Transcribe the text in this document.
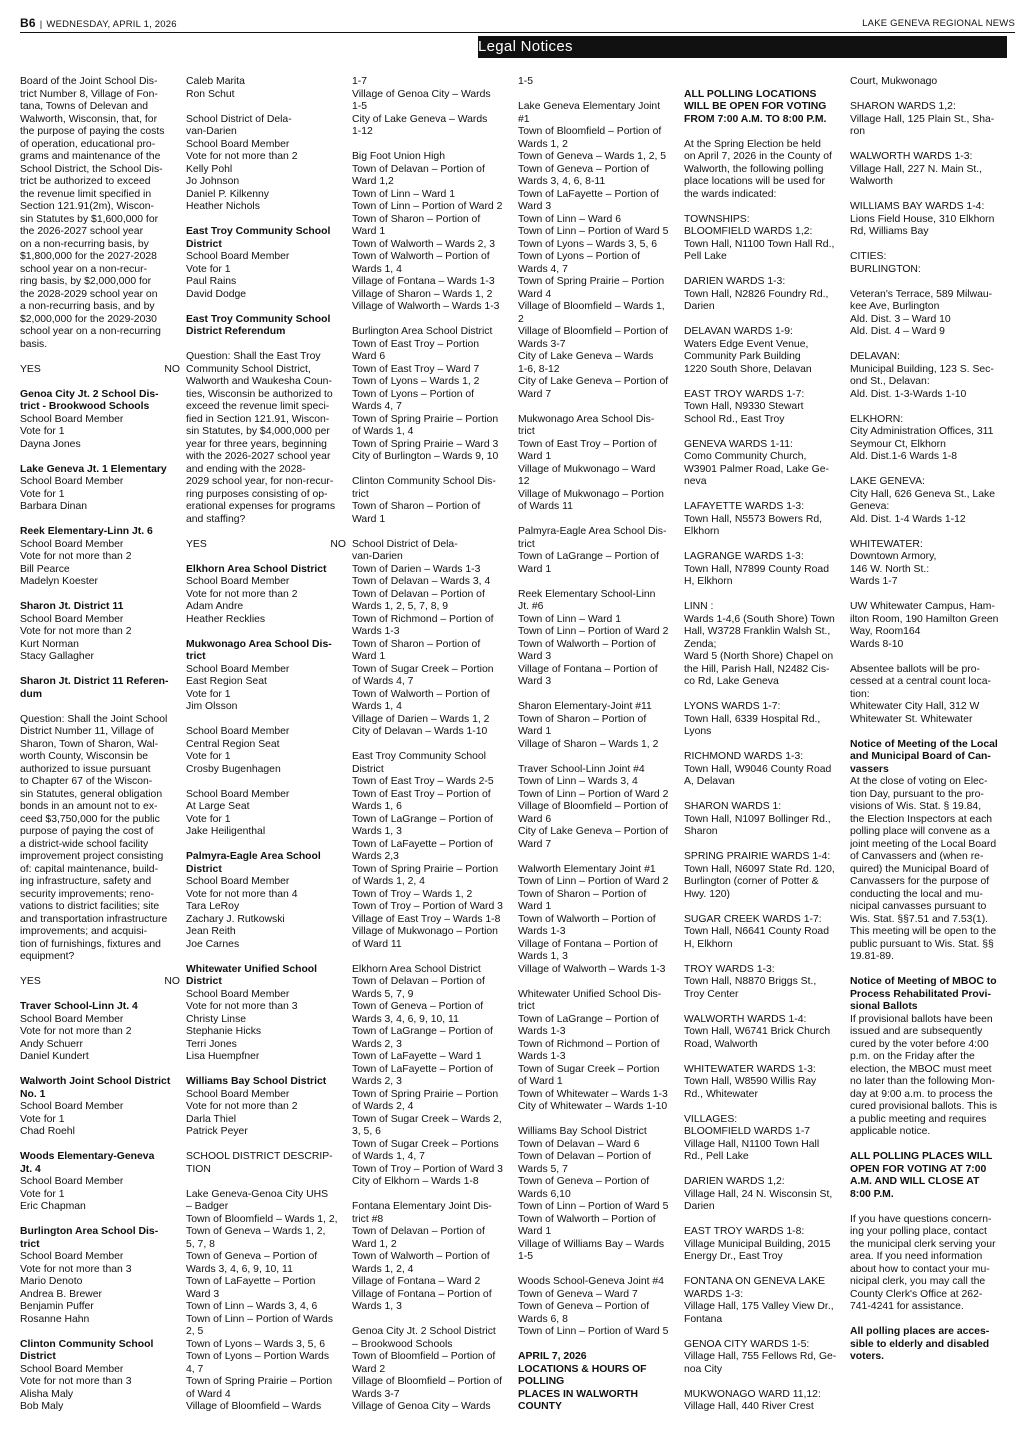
B6 | WEDNESDAY, APRIL 1, 2026	LAKE GENEVA REGIONAL NEWS
Legal Notices
Board of the Joint School Dis-
trict Number 8, Village of Fon-
tana, Towns of Delevan and
Walworth, Wisconsin, that, for
the purpose of paying the costs
of operation, educational pro-
grams and maintenance of the
School District, the School Dis-
trict be authorized to exceed
the revenue limit specified in
Section 121.91(2m), Wiscon-
sin Statutes by $1,600,000 for
the 2026-2027 school year
on a non-recurring basis, by
$1,800,000 for the 2027-2028
school year on a non-recur-
ring basis, by $2,000,000 for
the 2028-2029 school year on
a non-recurring basis, and by
$2,000,000 for the 2029-2030
school year on a non-recurring
basis.
YES	NO
Genoa City Jt. 2 School Dis-
trict - Brookwood Schools
School Board Member
Vote for 1
Dayna Jones
Lake Geneva Jt. 1 Elementary
School Board Member
Vote for 1
Barbara Dinan
Reek Elementary-Linn Jt. 6
School Board Member
Vote for not more than 2
Bill Pearce
Madelyn Koester
Sharon Jt. District 11
School Board Member
Vote for not more than 2
Kurt Norman
Stacy Gallagher
Sharon Jt. District 11 Referen-
dum
Question: Shall the Joint School
District Number 11, Village of
Sharon, Town of Sharon, Wal-
worth County, Wisconsin be
authorized to issue pursuant
to Chapter 67 of the Wiscon-
sin Statutes, general obligation
bonds in an amount not to ex-
ceed $3,750,000 for the public
purpose of paying the cost of
a district-wide school facility
improvement project consisting
of: capital maintenance, build-
ing infrastructure, safety and
security improvements; reno-
vations to district facilities; site
and transportation infrastructure
improvements; and acquisi-
tion of furnishings, fixtures and
equipment?
YES	NO
Traver School-Linn Jt. 4
School Board Member
Vote for not more than 2
Andy Schuerr
Daniel Kundert
Walworth Joint School District
No. 1
School Board Member
Vote for 1
Chad Roehl
Woods Elementary-Geneva
Jt. 4
School Board Member
Vote for 1
Eric Chapman
Burlington Area School Dis-
trict
School Board Member
Vote for not more than 3
Mario Denoto
Andrea B. Brewer
Benjamin Puffer
Rosanne Hahn
Clinton Community School
District
School Board Member
Vote for not more than 3
Alisha Maly
Bob Maly
Caleb Marita
Ron Schut
School District of Dela-
van-Darien
School Board Member
Vote for not more than 2
Kelly Pohl
Jo Johnson
Daniel P. Kilkenny
Heather Nichols
East Troy Community School
District
School Board Member
Vote for 1
Paul Rains
David Dodge
East Troy Community School
District Referendum
Question: Shall the East Troy
Community School District,
Walworth and Waukesha Coun-
ties, Wisconsin be authorized to
exceed the revenue limit speci-
fied in Section 121.91, Wiscon-
sin Statutes, by $4,000,000 per
year for three years, beginning
with the 2026-2027 school year
and ending with the 2028-
2029 school year, for non-recur-
ring purposes consisting of op-
erational expenses for programs
and staffing?
YES	NO
Elkhorn Area School District
School Board Member
Vote for not more than 2
Adam Andre
Heather Recklies
Mukwonago Area School Dis-
trict
School Board Member
East Region Seat
Vote for 1
Jim Olsson
School Board Member
Central Region Seat
Vote for 1
Crosby Bugenhagen
School Board Member
At Large Seat
Vote for 1
Jake Heiligenthal
Palmyra-Eagle Area School
District
School Board Member
Vote for not more than 4
Tara LeRoy
Zachary J. Rutkowski
Jean Reith
Joe Carnes
Whitewater Unified School
District
School Board Member
Vote for not more than 3
Christy Linse
Stephanie Hicks
Terri Jones
Lisa Huempfner
Williams Bay School District
School Board Member
Vote for not more than 2
Darla Thiel
Patrick Peyer
SCHOOL DISTRICT DESCRIP-
TION
Lake Geneva-Genoa City UHS
– Badger
Town of Bloomfield – Wards 1, 2,
Town of Geneva – Wards 1, 2,
5, 7, 8
Town of Geneva – Portion of
Wards 3, 4, 6, 9, 10, 11
Town of LaFayette – Portion
Ward 3
Town of Linn – Wards 3, 4, 6
Town of Linn – Portion of Wards
2, 5
Town of Lyons – Wards 3, 5, 6
Town of Lyons – Portion Wards
4, 7
Town of Spring Prairie – Portion
of Ward 4
Village of Bloomfield – Wards
1-7
Village of Genoa City – Wards
1-5
City of Lake Geneva – Wards
1-12
Big Foot Union High
Town of Delavan – Portion of
Ward 1,2
Town of Linn – Ward 1
Town of Linn – Portion of Ward 2
Town of Sharon – Portion of
Ward 1
Town of Walworth – Wards 2, 3
Town of Walworth – Portion of
Wards 1, 4
Village of Fontana – Wards 1-3
Village of Sharon – Wards 1, 2
Village of Walworth – Wards 1-3
Burlington Area School District
Town of East Troy – Portion
Ward 6
Town of East Troy – Ward 7
Town of Lyons – Wards 1, 2
Town of Lyons – Portion of
Wards 4, 7
Town of Spring Prairie – Portion
of Wards 1, 4
Town of Spring Prairie – Ward 3
City of Burlington – Wards 9, 10
Clinton Community School Dis-
trict
Town of Sharon – Portion of
Ward 1
School District of Dela-
van-Darien
Town of Darien – Wards 1-3
Town of Delavan – Wards 3, 4
Town of Delavan – Portion of
Wards 1, 2, 5, 7, 8, 9
Town of Richmond – Portion of
Wards 1-3
Town of Sharon – Portion of
Ward 1
Town of Sugar Creek – Portion
of Wards 4, 7
Town of Walworth – Portion of
Wards 1, 4
Village of Darien – Wards 1, 2
City of Delavan – Wards 1-10
East Troy Community School
District
Town of East Troy – Wards 2-5
Town of East Troy – Portion of
Wards 1, 6
Town of LaGrange – Portion of
Wards 1, 3
Town of LaFayette – Portion of
Wards 2,3
Town of Spring Prairie – Portion
of Wards 1, 2, 4
Town of Troy – Wards 1, 2
Town of Troy – Portion of Ward 3
Village of East Troy – Wards 1-8
Village of Mukwonago – Portion
of Ward 11
Elkhorn Area School District
Town of Delavan – Portion of
Wards 5, 7, 9
Town of Geneva – Portion of
Wards 3, 4, 6, 9, 10, 11
Town of LaGrange – Portion of
Wards 2, 3
Town of LaFayette – Ward 1
Town of LaFayette – Portion of
Wards 2, 3
Town of Spring Prairie – Portion
of Wards 2, 4
Town of Sugar Creek – Wards 2,
3, 5, 6
Town of Sugar Creek – Portions
of Wards 1, 4, 7
Town of Troy – Portion of Ward 3
City of Elkhorn – Wards 1-8
Fontana Elementary Joint Dis-
trict #8
Town of Delavan – Portion of
Ward 1, 2
Town of Walworth – Portion of
Wards 1, 2, 4
Village of Fontana – Ward 2
Village of Fontana – Portion of
Wards 1, 3
Genoa City Jt. 2 School District
– Brookwood Schools
Town of Bloomfield – Portion of
Ward 2
Village of Bloomfield – Portion of
Wards 3-7
Village of Genoa City – Wards
1-5
Lake Geneva Elementary Joint
#1
Town of Bloomfield – Portion of
Wards 1, 2
Town of Geneva – Wards 1, 2, 5
Town of Geneva – Portion of
Wards 3, 4, 6, 8-11
Town of LaFayette – Portion of
Ward 3
Town of Linn – Ward 6
Town of Linn – Portion of Ward 5
Town of Lyons – Wards 3, 5, 6
Town of Lyons – Portion of
Wards 4, 7
Town of Spring Prairie – Portion
Ward 4
Village of Bloomfield – Wards 1,
2
Village of Bloomfield – Portion of
Wards 3-7
City of Lake Geneva – Wards
1-6, 8-12
City of Lake Geneva – Portion of
Ward 7
Mukwonago Area School Dis-
trict
Town of East Troy – Portion of
Ward 1
Village of Mukwonago – Ward
12
Village of Mukwonago – Portion
of Wards 11
Palmyra-Eagle Area School Dis-
trict
Town of LaGrange – Portion of
Ward 1
Reek Elementary School-Linn
Jt. #6
Town of Linn – Ward 1
Town of Linn – Portion of Ward 2
Town of Walworth – Portion of
Ward 3
Village of Fontana – Portion of
Ward 3
Sharon Elementary-Joint #11
Town of Sharon – Portion of
Ward 1
Village of Sharon – Wards 1, 2
Traver School-Linn Joint #4
Town of Linn – Wards 3, 4
Town of Linn – Portion of Ward 2
Village of Bloomfield – Portion of
Ward 6
City of Lake Geneva – Portion of
Ward 7
Walworth Elementary Joint #1
Town of Linn – Portion of Ward 2
Town of Sharon – Portion of
Ward 1
Town of Walworth – Portion of
Wards 1-3
Village of Fontana – Portion of
Wards 1, 3
Village of Walworth – Wards 1-3
Whitewater Unified School Dis-
trict
Town of LaGrange – Portion of
Wards 1-3
Town of Richmond – Portion of
Wards 1-3
Town of Sugar Creek – Portion
of Ward 1
Town of Whitewater – Wards 1-3
City of Whitewater – Wards 1-10
Williams Bay School District
Town of Delavan – Ward 6
Town of Delavan – Portion of
Wards 5, 7
Town of Geneva – Portion of
Wards 6,10
Town of Linn – Portion of Ward 5
Town of Walworth – Portion of
Ward 1
Village of Williams Bay – Wards
1-5
Woods School-Geneva Joint #4
Town of Geneva – Ward 7
Town of Geneva – Portion of
Wards 6, 8
Town of Linn – Portion of Ward 5
APRIL 7, 2026
LOCATIONS & HOURS OF
POLLING
PLACES IN WALWORTH
COUNTY
ALL POLLING LOCATIONS
WILL BE OPEN FOR VOTING
FROM 7:00 A.M. TO 8:00 P.M.
At the Spring Election be held
on April 7, 2026 in the County of
Walworth, the following polling
place locations will be used for
the wards indicated:
TOWNSHIPS:
BLOOMFIELD WARDS 1,2:
Town Hall, N1100 Town Hall Rd.,
Pell Lake
DARIEN WARDS 1-3:
Town Hall, N2826 Foundry Rd.,
Darien
DELAVAN WARDS 1-9:
Waters Edge Event Venue,
Community Park Building
1220 South Shore, Delavan
EAST TROY WARDS 1-7:
Town Hall, N9330 Stewart
School Rd., East Troy
GENEVA WARDS 1-11:
Como Community Church,
W3901 Palmer Road, Lake Ge-
neva
LAFAYETTE WARDS 1-3:
Town Hall, N5573 Bowers Rd,
Elkhorn
LAGRANGE WARDS 1-3:
Town Hall, N7899 County Road
H, Elkhorn
LINN :
Wards 1-4,6 (South Shore) Town
Hall, W3728 Franklin Walsh St.,
Zenda;
Ward 5 (North Shore) Chapel on
the Hill, Parish Hall, N2482 Cis-
co Rd, Lake Geneva
LYONS WARDS 1-7:
Town Hall, 6339 Hospital Rd.,
Lyons
RICHMOND WARDS 1-3:
Town Hall, W9046 County Road
A, Delavan
SHARON WARDS 1:
Town Hall, N1097 Bollinger Rd.,
Sharon
SPRING PRAIRIE WARDS 1-4:
Town Hall, N6097 State Rd. 120,
Burlington (corner of Potter &
Hwy. 120)
SUGAR CREEK WARDS 1-7:
Town Hall, N6641 County Road
H, Elkhorn
TROY WARDS 1-3:
Town Hall, N8870 Briggs St.,
Troy Center
WALWORTH WARDS 1-4:
Town Hall, W6741 Brick Church
Road, Walworth
WHITEWATER WARDS 1-3:
Town Hall, W8590 Willis Ray
Rd., Whitewater
VILLAGES:
BLOOMFIELD WARDS 1-7
Village Hall, N1100 Town Hall
Rd., Pell Lake
DARIEN WARDS 1,2:
Village Hall, 24 N. Wisconsin St,
Darien
EAST TROY WARDS 1-8:
Village Municipal Building, 2015
Energy Dr., East Troy
FONTANA ON GENEVA LAKE
WARDS 1-3:
Village Hall, 175 Valley View Dr.,
Fontana
GENOA CITY WARDS 1-5:
Village Hall, 755 Fellows Rd, Ge-
noa City
MUKWONAGO WARD 11,12:
Village Hall, 440 River Crest
Court, Mukwonago
SHARON WARDS 1,2:
Village Hall, 125 Plain St., Sha-
ron
WALWORTH WARDS 1-3:
Village Hall, 227 N. Main St.,
Walworth
WILLIAMS BAY WARDS 1-4:
Lions Field House, 310 Elkhorn
Rd, Williams Bay
CITIES:
BURLINGTON:
Veteran's Terrace, 589 Milwau-
kee Ave, Burlington
Ald. Dist. 3 – Ward 10
Ald. Dist. 4 – Ward 9
DELAVAN:
Municipal Building, 123 S. Sec-
ond St., Delavan:
Ald. Dist. 1-3-Wards 1-10
ELKHORN:
City Administration Offices, 311
Seymour Ct, Elkhorn
Ald. Dist.1-6 Wards 1-8
LAKE GENEVA:
City Hall, 626 Geneva St., Lake
Geneva:
Ald. Dist. 1-4 Wards 1-12
WHITEWATER:
Downtown Armory,
146 W. North St.:
Wards 1-7
UW Whitewater Campus, Ham-
ilton Room, 190 Hamilton Green
Way, Room164
Wards 8-10
Absentee ballots will be pro-
cessed at a central count loca-
tion:
Whitewater City Hall, 312 W
Whitewater St. Whitewater
Notice of Meeting of the Local
and Municipal Board of Can-
vassers
At the close of voting on Elec-
tion Day, pursuant to the pro-
visions of Wis. Stat. § 19.84,
the Election Inspectors at each
polling place will convene as a
joint meeting of the Local Board
of Canvassers and (when re-
quired) the Municipal Board of
Canvassers for the purpose of
conducting the local and mu-
nicipal canvasses pursuant to
Wis. Stat. §§7.51 and 7.53(1).
This meeting will be open to the
public pursuant to Wis. Stat. §§
19.81-89.
Notice of Meeting of MBOC to
Process Rehabilitated Provi-
sional Ballots
If provisional ballots have been
issued and are subsequently
cured by the voter before 4:00
p.m. on the Friday after the
election, the MBOC must meet
no later than the following Mon-
day at 9:00 a.m. to process the
cured provisional ballots. This is
a public meeting and requires
applicable notice.
ALL POLLING PLACES WILL
OPEN FOR VOTING AT 7:00
A.M. AND WILL CLOSE AT
8:00 P.M.
If you have questions concern-
ing your polling place, contact
the municipal clerk serving your
area. If you need information
about how to contact your mu-
nicipal clerk, you may call the
County Clerk's Office at 262-
741-4241 for assistance.
All polling places are acces-
sible to elderly and disabled
voters.
